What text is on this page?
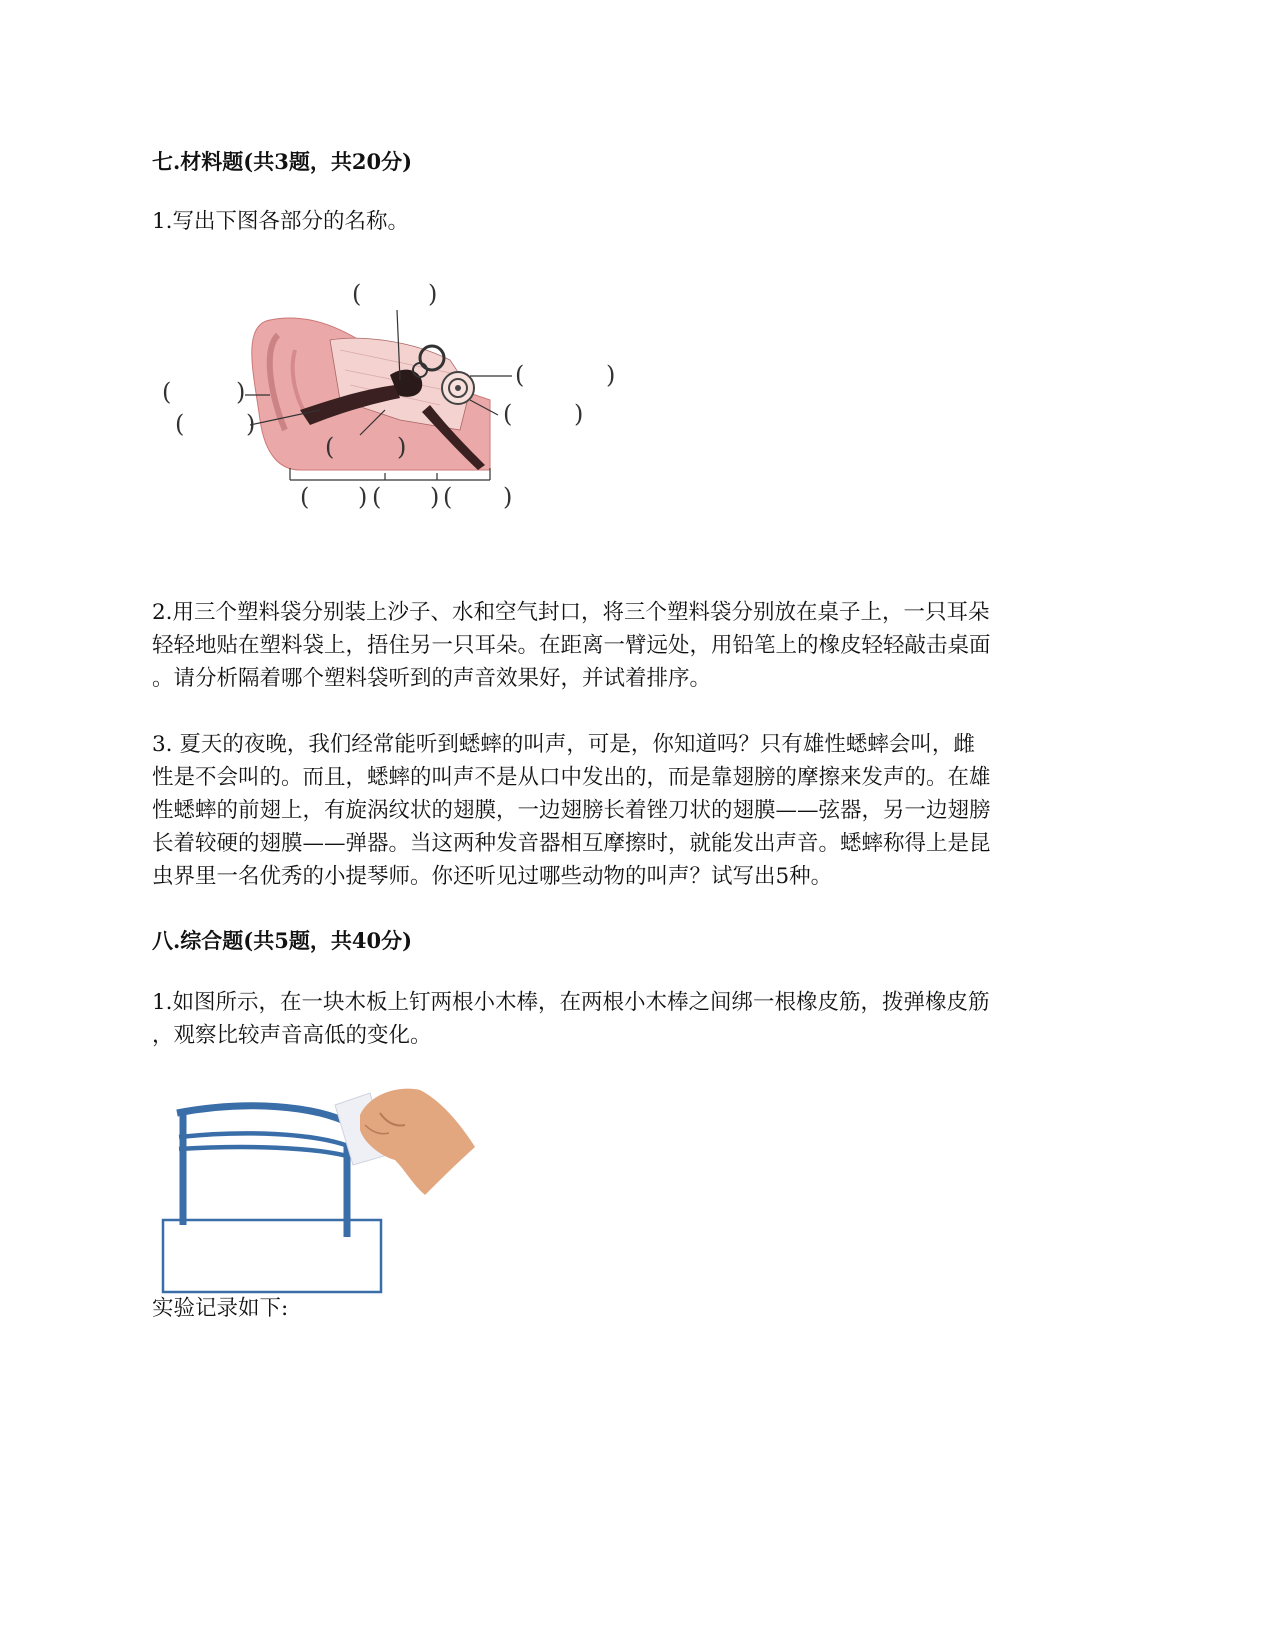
七.材料题(共3题，共20分)

1.写出下图各部分的名称。

(	)
(	)
(	)
(	)
(	)
(	)
( ) ( ) ( )

2.用三个塑料袋分别装上沙子、水和空气封口，将三个塑料袋分别放在桌子上，一只耳朵
轻轻地贴在塑料袋上，捂住另一只耳朵。在距离一臂远处，用铅笔上的橡皮轻轻敲击桌面
。请分析隔着哪个塑料袋听到的声音效果好，并试着排序。

3. 夏天的夜晚，我们经常能听到蟋蟀的叫声，可是，你知道吗？只有雄性蟋蟀会叫，雌
性是不会叫的。而且，蟋蟀的叫声不是从口中发出的，而是靠翅膀的摩擦来发声的。在雄
性蟋蟀的前翅上，有旋涡纹状的翅膜，一边翅膀长着锉刀状的翅膜——弦器，另一边翅膀
长着较硬的翅膜——弹器。当这两种发音器相互摩擦时，就能发出声音。蟋蟀称得上是昆
虫界里一名优秀的小提琴师。你还听见过哪些动物的叫声？试写出5种。

八.综合题(共5题，共40分)

1.如图所示，在一块木板上钉两根小木棒，在两根小木棒之间绑一根橡皮筋，拨弹橡皮筋
，观察比较声音高低的变化。

实验记录如下:
